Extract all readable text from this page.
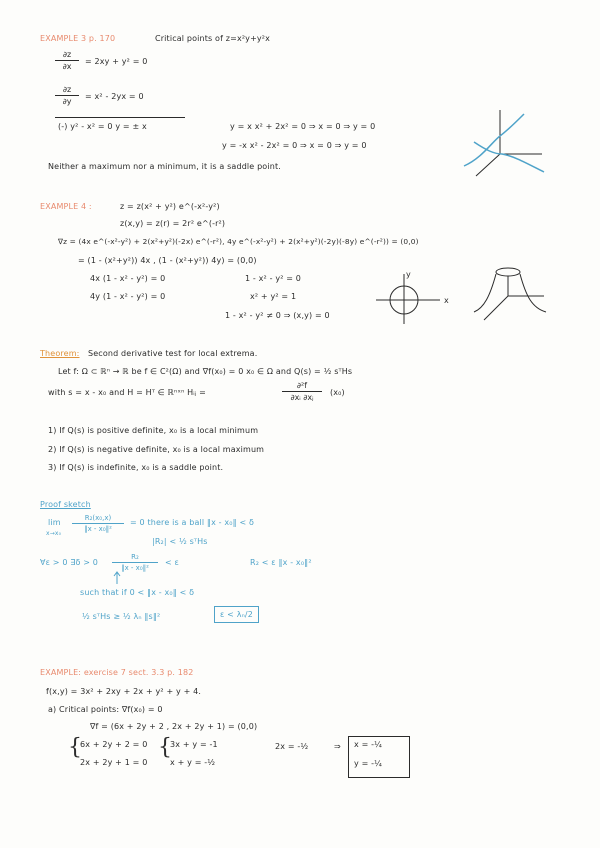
EXAMPLE 3 p. 170	Critical points of z=x²y+y²x
∂z
∂x
= 2xy + y² = 0
∂z
∂y
= x² - 2yx = 0
(-) y² - x² = 0 y = ± x	y = x x² + 2x² = 0 ⇒ x = 0 ⇒ y = 0
y = -x x² - 2x² = 0 ⇒ x = 0 ⇒ y = 0
Neither a maximum nor a minimum, it is a saddle point.
EXAMPLE 4 :	z = z(x² + y²) e^(-x²-y²)
z(x,y) = z(r) = 2r² e^(-r²)
∇z = (4x e^(-x²-y²) + 2(x²+y²)(-2x) e^(-r²), 4y e^(-x²-y²) + 2(x²+y²)(-2y)(-8y) e^(-r²)) = (0,0)
= (1 - (x²+y²)) 4x , (1 - (x²+y²)) 4y) = (0,0)
4x (1 - x² - y²) = 0	1 - x² - y² = 0
4y (1 - x² - y²) = 0	x² + y² = 1
1 - x² - y² ≠ 0 ⇒ (x,y) = 0
x
y
Theorem: Second derivative test for local extrema.
Let f: Ω ⊂ ℝⁿ → ℝ be f ∈ C²(Ω) and ∇f(x₀) = 0 x₀ ∈ Ω and Q(s) = ½ sᵀHs
with s = x - x₀ and H = Hᵀ ∈ ℝⁿˣⁿ Hᵢⱼ =
∂²f
∂xᵢ ∂xⱼ
(x₀)
1) If Q(s) is positive definite, x₀ is a local minimum
2) If Q(s) is negative definite, x₀ is a local maximum
3) If Q(s) is indefinite, x₀ is a saddle point.
Proof sketch
lim
x→x₀
R₂(x₀,x)
‖x - x₀‖²
= 0 there is a ball ‖x - x₀‖ < δ
|R₂| < ½ sᵀHs
∀ε > 0 ∃δ > 0
R₂
‖x - x₀‖²
< ε	R₂ < ε ‖x - x₀‖²
such that if 0 < ‖x - x₀‖ < δ
½ sᵀHs ≥ ½ λₙ ‖s‖²	ε < λₙ/2
EXAMPLE: exercise 7 sect. 3.3 p. 182
f(x,y) = 3x² + 2xy + 2x + y² + y + 4.
a) Critical points: ∇f(x₀) = 0
∇f = (6x + 2y + 2 , 2x + 2y + 1) = (0,0)
{
6x + 2y + 2 = 0
2x + 2y + 1 = 0
{
3x + y = -1
x + y = -½
2x = -½	⇒ x = -¼
y = -¼
